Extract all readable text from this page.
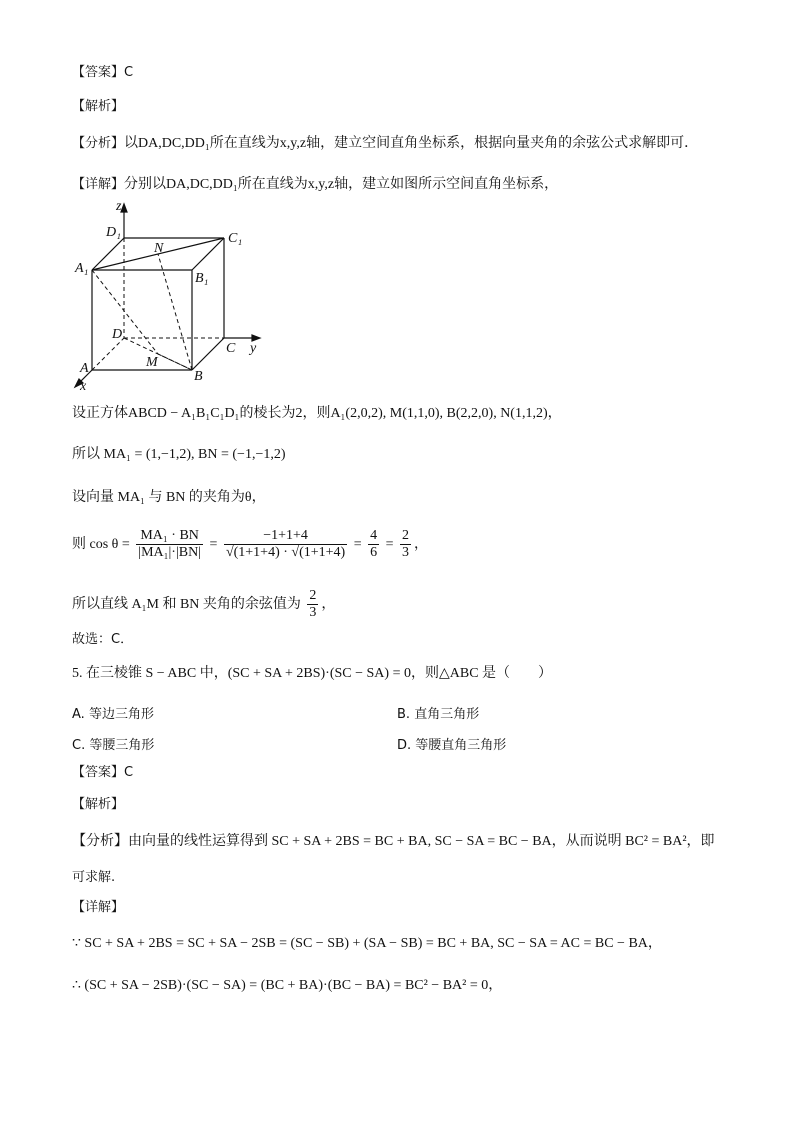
【答案】C
【解析】
【分析】以DA,DC,DD₁所在直线为x,y,z轴，建立空间直角坐标系，根据向量夹角的余弦公式求解即可．
【详解】分别以DA,DC,DD₁所在直线为x,y,z轴，建立如图所示空间直角坐标系，
z
y
x
D₁	C₁
A₁
B₁
N
D
C
A
B
M
设正方体ABCD − A₁B₁C₁D₁的棱长为2，则A₁(2,0,2), M(1,1,0), B(2,2,0), N(1,1,2)，
所以 MA₁ = (1,−1,2), BN = (−1,−1,2)
设向量 MA₁ 与 BN 的夹角为θ，
则 $\cos \theta = \frac{\text{MA₁ · BN}}{\text{|MA₁|·|BN|}} = \frac{-1+1+4}{√(1+1+4) \cdot √(1+1+4)} = \frac{4}{6} = \frac{2}{3}$ ，
所以直线 A₁M 和 BN 夹角的余弦值为 $\frac{2}{3}$ ，
故选：C．
5. 在三棱锥 S − ABC 中，(SC + SA + 2BS)·(SC − SA) = 0，则△ABC 是（　　）
A. 等边三角形	B. 直角三角形
C. 等腰三角形	D. 等腰直角三角形
【答案】C
【解析】
【分析】由向量的线性运算得到 SC + SA + 2BS = BC + BA, SC − SA = BC − BA，从而说明 BC² = BA²，即
可求解.
【详解】
∵ SC + SA + 2BS = SC + SA − 2SB = (SC − SB) + (SA − SB) = BC + BA, SC − SA = AC = BC − BA，
∴ (SC + SA − 2SB)·(SC − SA) = (BC + BA)·(BC − BA) = BC² − BA² = 0，
